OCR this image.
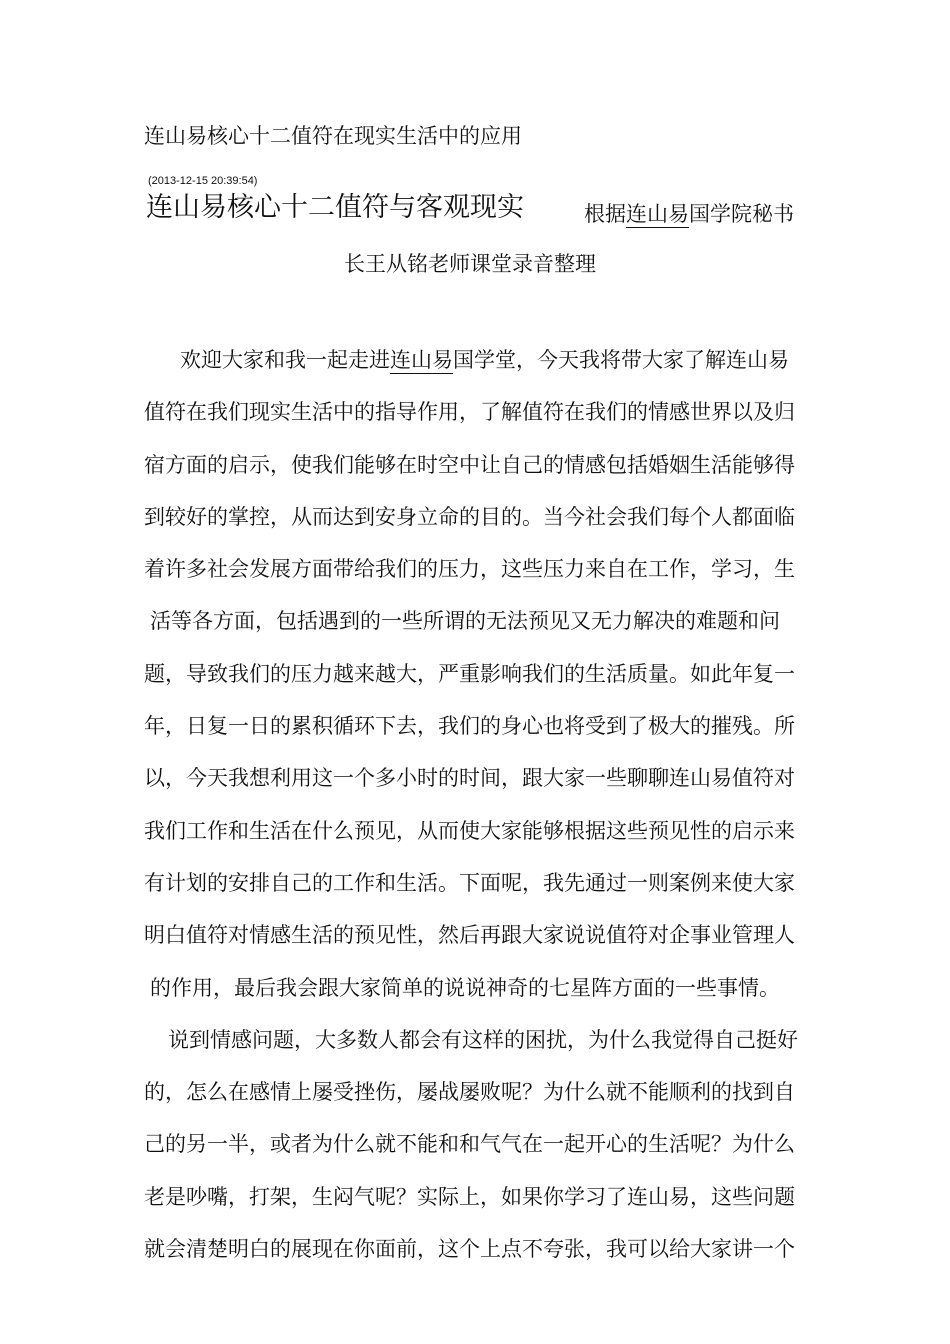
连山易核心十二值符在现实生活中的应用
(2013-12-15 20:39:54)
连山易核心十二值符与客观现实	根据连山易国学院秘书
长王从铭老师课堂录音整理
欢迎大家和我一起走进连山易国学堂，今天我将带大家了解连山易
值符在我们现实生活中的指导作用，了解值符在我们的情感世界以及归
宿方面的启示，使我们能够在时空中让自己的情感包括婚姻生活能够得
到较好的掌控，从而达到安身立命的目的。当今社会我们每个人都面临
着许多社会发展方面带给我们的压力，这些压力来自在工作，学习，生
活等各方面，包括遇到的一些所谓的无法预见又无力解决的难题和问
题，导致我们的压力越来越大，严重影响我们的生活质量。如此年复一
年，日复一日的累积循环下去，我们的身心也将受到了极大的摧残。所
以，今天我想利用这一个多小时的时间，跟大家一些聊聊连山易值符对
我们工作和生活在什么预见，从而使大家能够根据这些预见性的启示来
有计划的安排自己的工作和生活。下面呢，我先通过一则案例来使大家
明白值符对情感生活的预见性，然后再跟大家说说值符对企事业管理人
的作用，最后我会跟大家简单的说说神奇的七星阵方面的一些事情。
说到情感问题，大多数人都会有这样的困扰，为什么我觉得自己挺好
的，怎么在感情上屡受挫伤，屡战屡败呢？为什么就不能顺利的找到自
己的另一半，或者为什么就不能和和气气在一起开心的生活呢？为什么
老是吵嘴，打架，生闷气呢？实际上，如果你学习了连山易，这些问题
就会清楚明白的展现在你面前，这个上点不夸张，我可以给大家讲一个
